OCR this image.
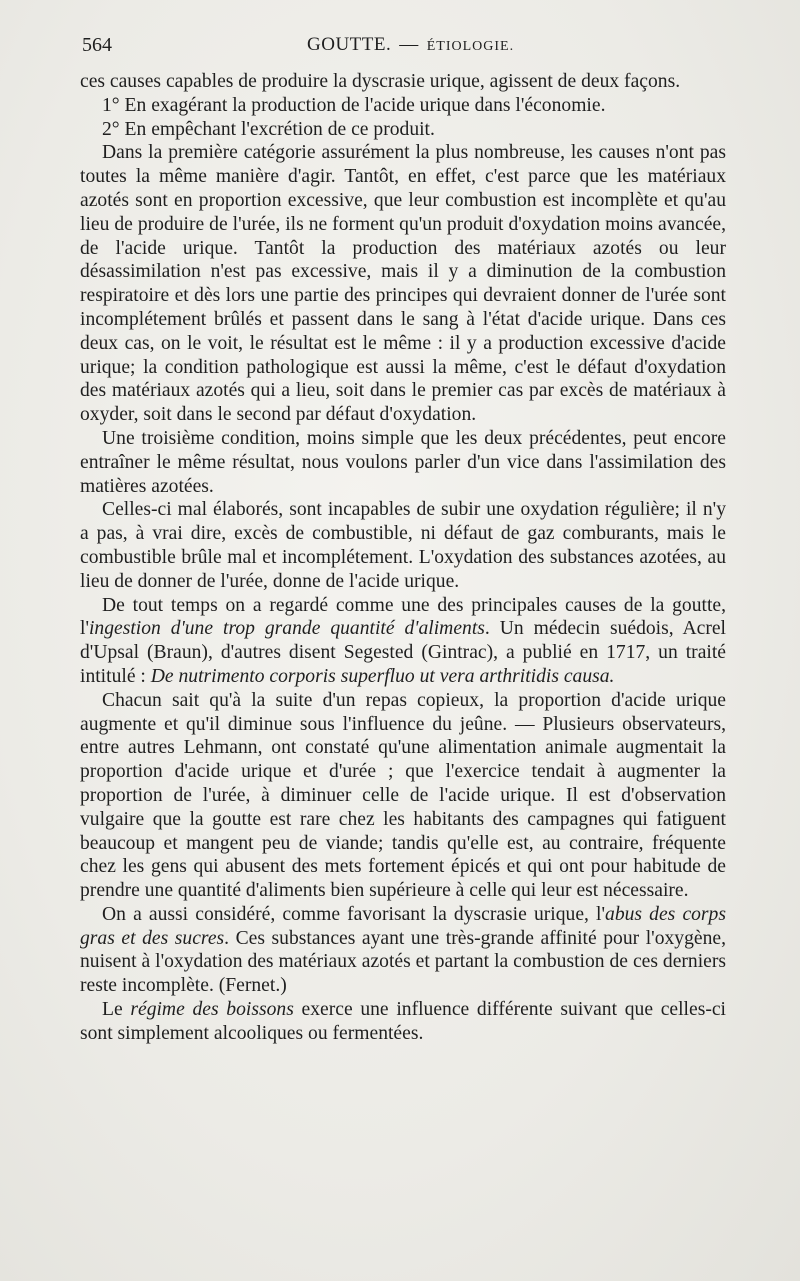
564	GOUTTE. — ÉTIOLOGIE.

ces causes capables de produire la dyscrasie urique, agissent de deux façons.

1° En exagérant la production de l'acide urique dans l'économie.

2° En empêchant l'excrétion de ce produit.

Dans la première catégorie assurément la plus nombreuse, les causes n'ont pas toutes la même manière d'agir. Tantôt, en effet, c'est parce que les matériaux azotés sont en proportion excessive, que leur combustion est incomplète et qu'au lieu de produire de l'urée, ils ne forment qu'un produit d'oxydation moins avancée, de l'acide urique. Tantôt la production des matériaux azotés ou leur désassimilation n'est pas excessive, mais il y a diminution de la combustion respiratoire et dès lors une partie des principes qui devraient donner de l'urée sont incomplétement brûlés et passent dans le sang à l'état d'acide urique. Dans ces deux cas, on le voit, le résultat est le même : il y a production excessive d'acide urique; la condition pathologique est aussi la même, c'est le défaut d'oxydation des matériaux azotés qui a lieu, soit dans le premier cas par excès de matériaux à oxyder, soit dans le second par défaut d'oxydation.

Une troisième condition, moins simple que les deux précédentes, peut encore entraîner le même résultat, nous voulons parler d'un vice dans l'assimilation des matières azotées.

Celles-ci mal élaborés, sont incapables de subir une oxydation régulière; il n'y a pas, à vrai dire, excès de combustible, ni défaut de gaz comburants, mais le combustible brûle mal et incomplétement. L'oxydation des substances azotées, au lieu de donner de l'urée, donne de l'acide urique.

De tout temps on a regardé comme une des principales causes de la goutte, l'ingestion d'une trop grande quantité d'aliments. Un médecin suédois, Acrel d'Upsal (Braun), d'autres disent Segested (Gintrac), a publié en 1717, un traité intitulé : De nutrimento corporis superfluo ut vera arthritidis causa.

Chacun sait qu'à la suite d'un repas copieux, la proportion d'acide urique augmente et qu'il diminue sous l'influence du jeûne. — Plusieurs observateurs, entre autres Lehmann, ont constaté qu'une alimentation animale augmentait la proportion d'acide urique et d'urée ; que l'exercice tendait à augmenter la proportion de l'urée, à diminuer celle de l'acide urique. Il est d'observation vulgaire que la goutte est rare chez les habitants des campagnes qui fatiguent beaucoup et mangent peu de viande; tandis qu'elle est, au contraire, fréquente chez les gens qui abusent des mets fortement épicés et qui ont pour habitude de prendre une quantité d'aliments bien supérieure à celle qui leur est nécessaire.

On a aussi considéré, comme favorisant la dyscrasie urique, l'abus des corps gras et des sucres. Ces substances ayant une très-grande affinité pour l'oxygène, nuisent à l'oxydation des matériaux azotés et partant la combustion de ces derniers reste incomplète. (Fernet.)

Le régime des boissons exerce une influence différente suivant que celles-ci sont simplement alcooliques ou fermentées.
